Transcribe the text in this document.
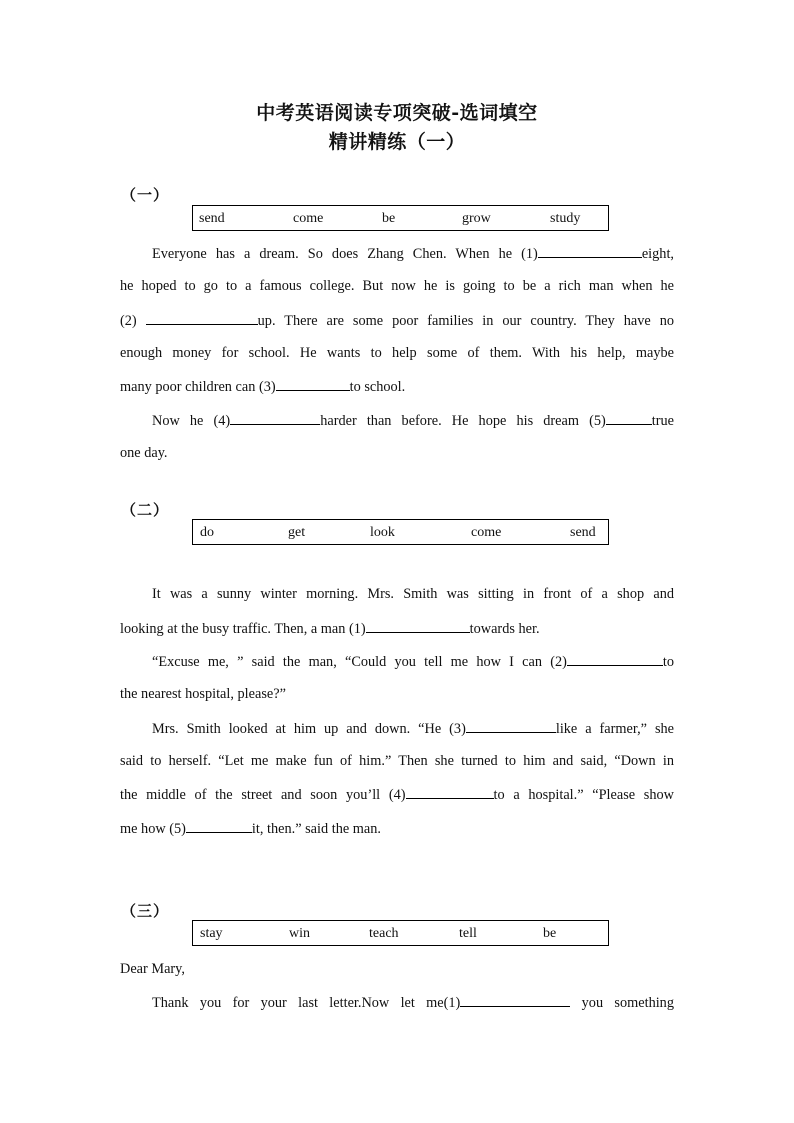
中考英语阅读专项突破-选词填空
精讲精练（一）
（一）
send	come	be	grow	study
Everyone has a dream. So does Zhang Chen. When he (1)	eight,
he hoped to go to a famous college. But now he is going to be a rich man when he
(2)	up. There are some poor families in our country. They have no
enough money for school. He wants to help some of them. With his help, maybe
many poor children can (3)	to school.
Now he (4)	harder than before. He hope his dream (5)	true
one day.
（二）
do	get	look	come	send
It was a sunny winter morning. Mrs. Smith was sitting in front of a shop and
looking at the busy traffic. Then, a man (1)	towards her.
“Excuse me, ” said the man, “Could you tell me how I can (2)	to
the nearest hospital, please?”
Mrs. Smith looked at him up and down. “He (3)	like a farmer,” she
said to herself. “Let me make fun of him.” Then she turned to him and said, “Down in
the middle of the street and soon you’ll (4)	to a hospital.” “Please show
me how (5)	it, then.” said the man.
（三）
stay	win	teach	tell	be
Dear Mary,
Thank you for your last letter.Now let me(1)	you something
